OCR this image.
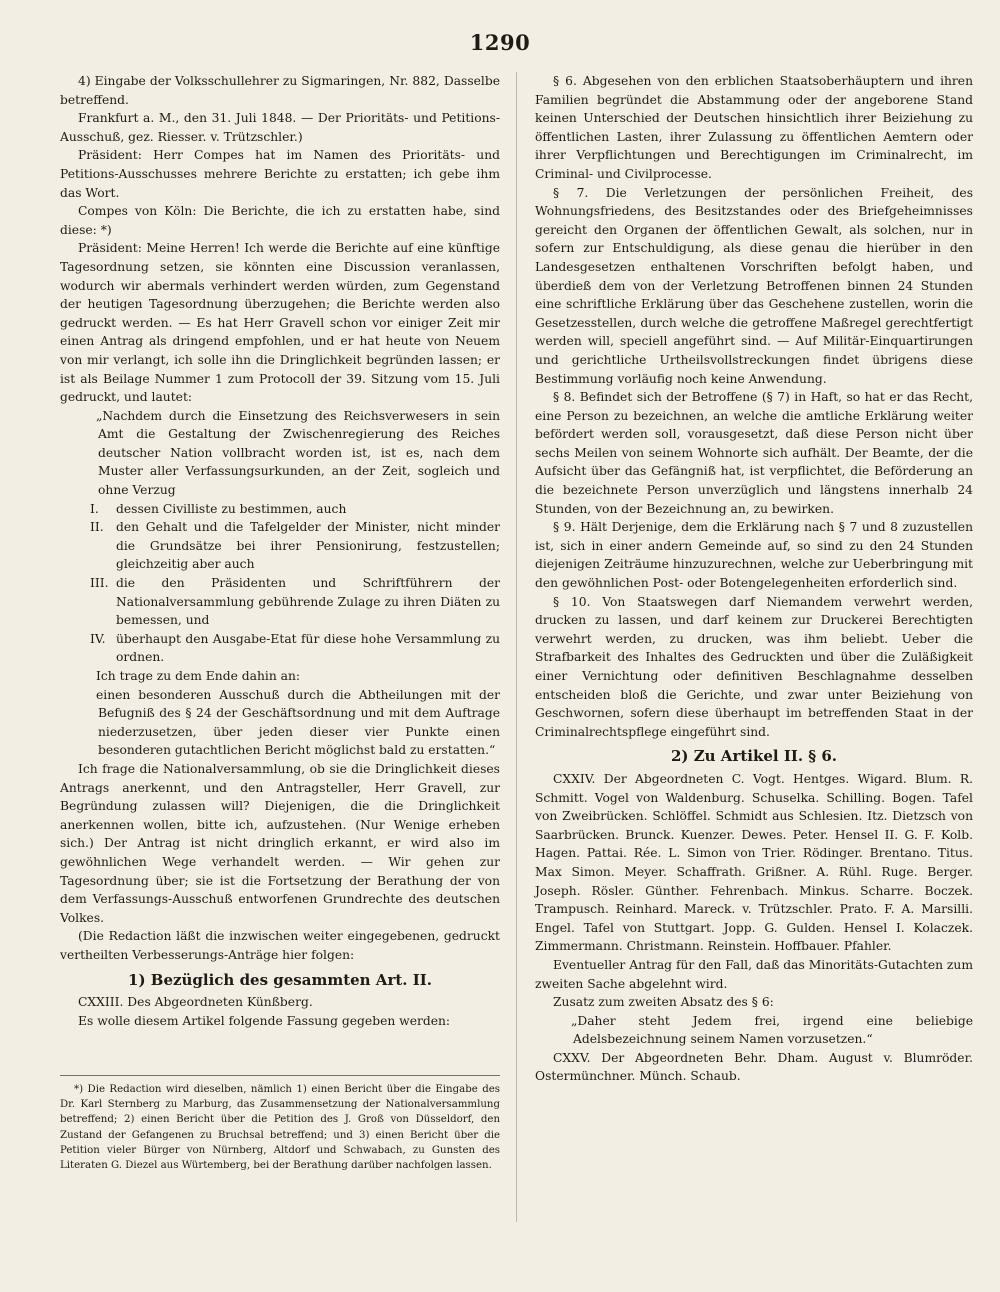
1290

4) Eingabe der Volksschullehrer zu Sigmaringen, Nr. 882, Dasselbe betreffend.

Frankfurt a. M., den 31. Juli 1848. — Der Prioritäts- und Petitions-Ausschuß, gez. Riesser. v. Trützschler.)

Präsident: Herr Compes hat im Namen des Prioritäts- und Petitions-Ausschusses mehrere Berichte zu erstatten; ich gebe ihm das Wort.

Compes von Köln: Die Berichte, die ich zu erstatten habe, sind diese: *)

Präsident: Meine Herren! Ich werde die Berichte auf eine künftige Tagesordnung setzen, sie könnten eine Discussion veranlassen, wodurch wir abermals verhindert werden würden, zum Gegenstand der heutigen Tagesordnung überzugehen; die Berichte werden also gedruckt werden. — Es hat Herr Gravell schon vor einiger Zeit mir einen Antrag als dringend empfohlen, und er hat heute von Neuem von mir verlangt, ich solle ihn die Dringlichkeit begründen lassen; er ist als Beilage Nummer 1 zum Protocoll der 39. Sitzung vom 15. Juli gedruckt, und lautet:

„Nachdem durch die Einsetzung des Reichsverwesers in sein Amt die Gestaltung der Zwischenregierung des Reiches deutscher Nation vollbracht worden ist, ist es, nach dem Muster aller Verfassungsurkunden, an der Zeit, sogleich und ohne Verzug

I. dessen Civilliste zu bestimmen, auch

II. den Gehalt und die Tafelgelder der Minister, nicht minder die Grundsätze bei ihrer Pensionirung, festzustellen; gleichzeitig aber auch

III. die den Präsidenten und Schriftführern der Nationalversammlung gebührende Zulage zu ihren Diäten zu bemessen, und

IV. überhaupt den Ausgabe-Etat für diese hohe Versammlung zu ordnen.

Ich trage zu dem Ende dahin an:

einen besonderen Ausschuß durch die Abtheilungen mit der Befugniß des § 24 der Geschäftsordnung und mit dem Auftrage niederzusetzen, über jeden dieser vier Punkte einen besonderen gutachtlichen Bericht möglichst bald zu erstatten.“

Ich frage die Nationalversammlung, ob sie die Dringlichkeit dieses Antrags anerkennt, und den Antragsteller, Herr Gravell, zur Begründung zulassen will? Diejenigen, die die Dringlichkeit anerkennen wollen, bitte ich, aufzustehen. (Nur Wenige erheben sich.) Der Antrag ist nicht dringlich erkannt, er wird also im gewöhnlichen Wege verhandelt werden. — Wir gehen zur Tagesordnung über; sie ist die Fortsetzung der Berathung der von dem Verfassungs-Ausschuß entworfenen Grundrechte des deutschen Volkes.

(Die Redaction läßt die inzwischen weiter eingegebenen, gedruckt vertheilten Verbesserungs-Anträge hier folgen:

1) Bezüglich des gesammten Art. II.

CXXIII. Des Abgeordneten Künßberg.

Es wolle diesem Artikel folgende Fassung gegeben werden:

§ 6. Abgesehen von den erblichen Staatsoberhäuptern und ihren Familien begründet die Abstammung oder der angeborene Stand keinen Unterschied der Deutschen hinsichtlich ihrer Beiziehung zu öffentlichen Lasten, ihrer Zulassung zu öffentlichen Aemtern oder ihrer Verpflichtungen und Berechtigungen im Criminalrecht, im Criminal- und Civilprocesse.

§ 7. Die Verletzungen der persönlichen Freiheit, des Wohnungsfriedens, des Besitzstandes oder des Briefgeheimnisses gereicht den Organen der öffentlichen Gewalt, als solchen, nur in sofern zur Entschuldigung, als diese genau die hierüber in den Landesgesetzen enthaltenen Vorschriften befolgt haben, und überdieß dem von der Verletzung Betroffenen binnen 24 Stunden eine schriftliche Erklärung über das Geschehene zustellen, worin die Gesetzesstellen, durch welche die getroffene Maßregel gerechtfertigt werden will, speciell angeführt sind. — Auf Militär-Einquartirungen und gerichtliche Urtheilsvollstreckungen findet übrigens diese Bestimmung vorläufig noch keine Anwendung.

§ 8. Befindet sich der Betroffene (§ 7) in Haft, so hat er das Recht, eine Person zu bezeichnen, an welche die amtliche Erklärung weiter befördert werden soll, vorausgesetzt, daß diese Person nicht über sechs Meilen von seinem Wohnorte sich aufhält. Der Beamte, der die Aufsicht über das Gefängniß hat, ist verpflichtet, die Beförderung an die bezeichnete Person unverzüglich und längstens innerhalb 24 Stunden, von der Bezeichnung an, zu bewirken.

§ 9. Hält Derjenige, dem die Erklärung nach § 7 und 8 zuzustellen ist, sich in einer andern Gemeinde auf, so sind zu den 24 Stunden diejenigen Zeiträume hinzuzurechnen, welche zur Ueberbringung mit den gewöhnlichen Post- oder Botengelegenheiten erforderlich sind.

§ 10. Von Staatswegen darf Niemandem verwehrt werden, drucken zu lassen, und darf keinem zur Druckerei Berechtigten verwehrt werden, zu drucken, was ihm beliebt. Ueber die Strafbarkeit des Inhaltes des Gedruckten und über die Zuläßigkeit einer Vernichtung oder definitiven Beschlagnahme desselben entscheiden bloß die Gerichte, und zwar unter Beiziehung von Geschwornen, sofern diese überhaupt im betreffenden Staat in der Criminalrechtspflege eingeführt sind.

2) Zu Artikel II. § 6.

CXXIV. Der Abgeordneten C. Vogt. Hentges. Wigard. Blum. R. Schmitt. Vogel von Waldenburg. Schuselka. Schilling. Bogen. Tafel von Zweibrücken. Schlöffel. Schmidt aus Schlesien. Itz. Dietzsch von Saarbrücken. Brunck. Kuenzer. Dewes. Peter. Hensel II. G. F. Kolb. Hagen. Pattai. Rée. L. Simon von Trier. Rödinger. Brentano. Titus. Max Simon. Meyer. Schaffrath. Grißner. A. Rühl. Ruge. Berger. Joseph. Rösler. Günther. Fehrenbach. Minkus. Scharre. Boczek. Trampusch. Reinhard. Mareck. v. Trützschler. Prato. F. A. Marsilli. Engel. Tafel von Stuttgart. Jopp. G. Gulden. Hensel I. Kolaczek. Zimmermann. Christmann. Reinstein. Hoffbauer. Pfahler.

Eventueller Antrag für den Fall, daß das Minoritäts-Gutachten zum zweiten Sache abgelehnt wird.

Zusatz zum zweiten Absatz des § 6:

„Daher steht Jedem frei, irgend eine beliebige Adelsbezeichnung seinem Namen vorzusetzen.“

CXXV. Der Abgeordneten Behr. Dham. August v. Blumröder. Ostermünchner. Münch. Schaub.

*) Die Redaction wird dieselben, nämlich 1) einen Bericht über die Eingabe des Dr. Karl Sternberg zu Marburg, das Zusammensetzung der Nationalversammlung betreffend; 2) einen Bericht über die Petition des J. Groß von Düsseldorf, den Zustand der Gefangenen zu Bruchsal betreffend; und 3) einen Bericht über die Petition vieler Bürger von Nürnberg, Altdorf und Schwabach, zu Gunsten des Literaten G. Diezel aus Würtemberg, bei der Berathung darüber nachfolgen lassen.
